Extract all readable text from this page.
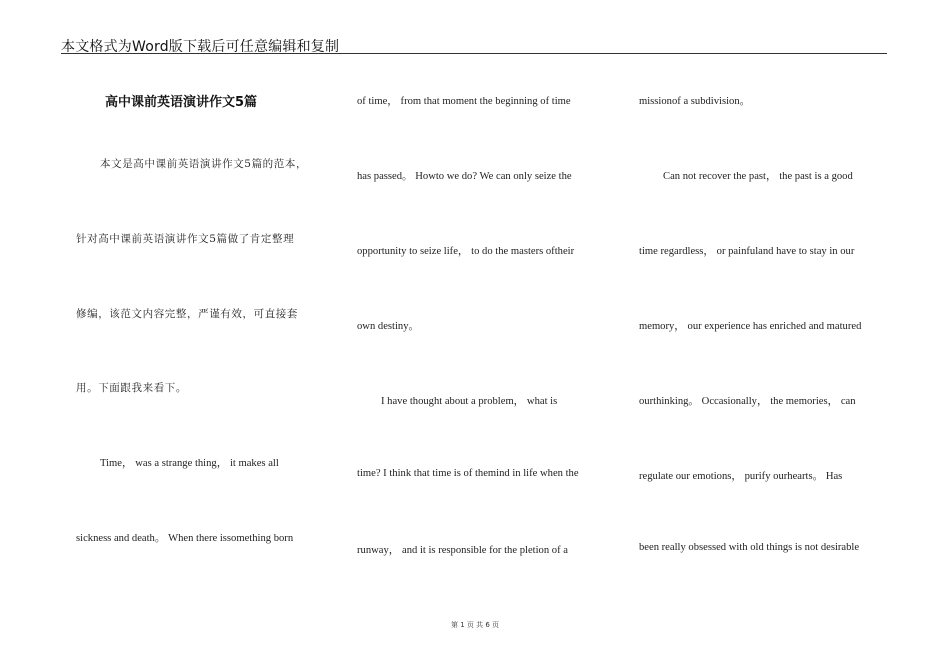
本文格式为Word版下载后可任意编辑和复制
高中课前英语演讲作文5篇
本文是高中课前英语演讲作文5篇的范本，
针对高中课前英语演讲作文5篇做了肯定整理
修编，该范文内容完整，严谨有效，可直接套
用。下面跟我来看下。
Time， was a strange thing， it makes all
sickness and death。 When there issomething born
of time， from that moment the beginning of time
has passed。 Howto we do? We can only seize the
opportunity to seize life， to do the masters oftheir
own destiny。
I have thought about a problem， what is
time? I think that time is of themind in life when the
runway， and it is responsible for the pletion of a
missionof a subdivision。
Can not recover the past， the past is a good
time regardless， or painfuland have to stay in our
memory， our experience has enriched and matured
ourthinking。 Occasionally， the memories， can
regulate our emotions， purify ourhearts。 Has
been really obsessed with old things is not desirable
第 1 页 共 6 页
